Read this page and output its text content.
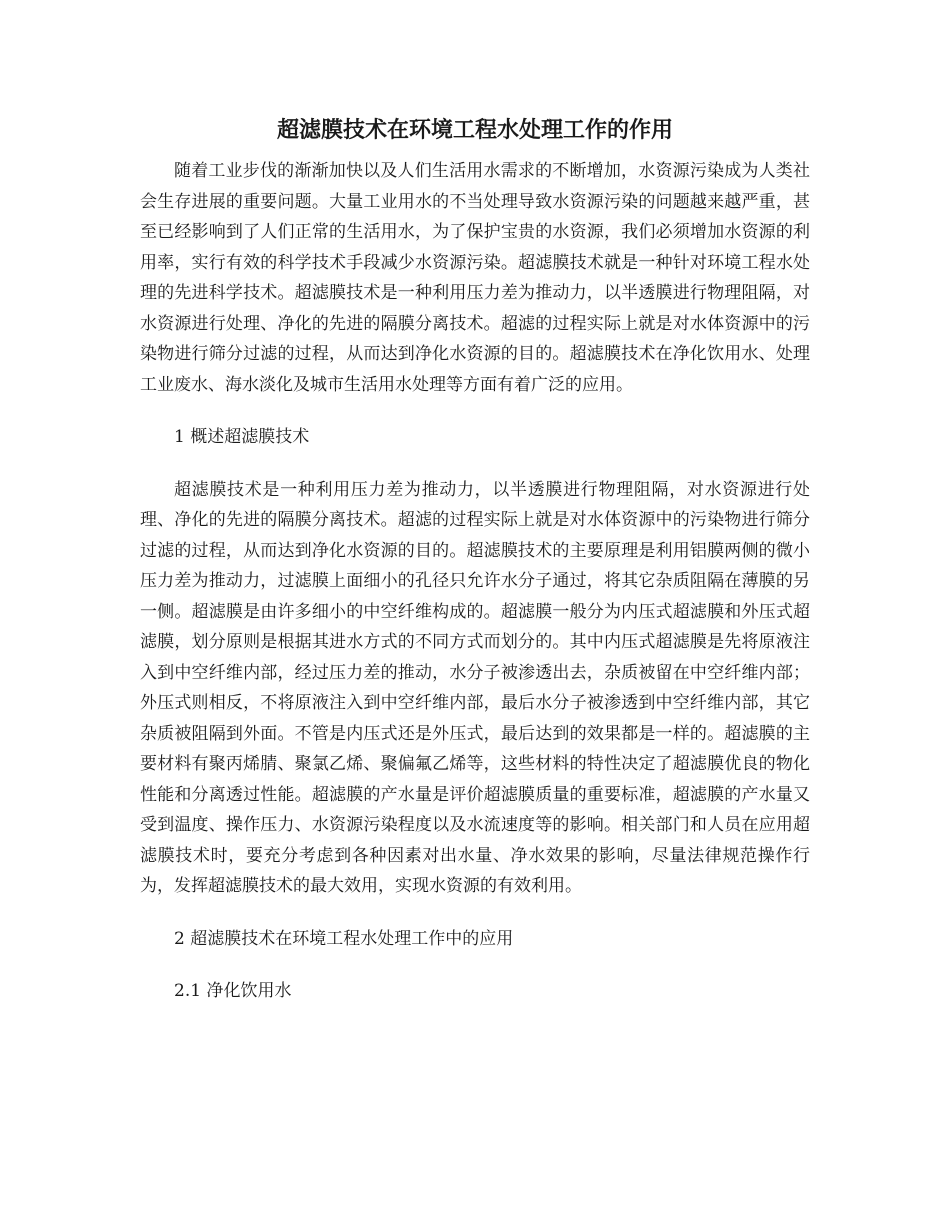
超滤膜技术在环境工程水处理工作的作用

随着工业步伐的渐渐加快以及人们生活用水需求的不断增加，水资源污染成为人类社会生存进展的重要问题。大量工业用水的不当处理导致水资源污染的问题越来越严重，甚至已经影响到了人们正常的生活用水，为了保护宝贵的水资源，我们必须增加水资源的利用率，实行有效的科学技术手段减少水资源污染。超滤膜技术就是一种针对环境工程水处理的先进科学技术。超滤膜技术是一种利用压力差为推动力，以半透膜进行物理阻隔，对水资源进行处理、净化的先进的隔膜分离技术。超滤的过程实际上就是对水体资源中的污染物进行筛分过滤的过程，从而达到净化水资源的目的。超滤膜技术在净化饮用水、处理工业废水、海水淡化及城市生活用水处理等方面有着广泛的应用。

1 概述超滤膜技术

超滤膜技术是一种利用压力差为推动力，以半透膜进行物理阻隔，对水资源进行处理、净化的先进的隔膜分离技术。超滤的过程实际上就是对水体资源中的污染物进行筛分过滤的过程，从而达到净化水资源的目的。超滤膜技术的主要原理是利用铝膜两侧的微小压力差为推动力，过滤膜上面细小的孔径只允许水分子通过，将其它杂质阻隔在薄膜的另一侧。超滤膜是由许多细小的中空纤维构成的。超滤膜一般分为内压式超滤膜和外压式超滤膜，划分原则是根据其进水方式的不同方式而划分的。其中内压式超滤膜是先将原液注入到中空纤维内部，经过压力差的推动，水分子被渗透出去，杂质被留在中空纤维内部；外压式则相反，不将原液注入到中空纤维内部，最后水分子被渗透到中空纤维内部，其它杂质被阻隔到外面。不管是内压式还是外压式，最后达到的效果都是一样的。超滤膜的主要材料有聚丙烯腈、聚氯乙烯、聚偏氟乙烯等，这些材料的特性决定了超滤膜优良的物化性能和分离透过性能。超滤膜的产水量是评价超滤膜质量的重要标准，超滤膜的产水量又受到温度、操作压力、水资源污染程度以及水流速度等的影响。相关部门和人员在应用超滤膜技术时，要充分考虑到各种因素对出水量、净水效果的影响，尽量法律规范操作行为，发挥超滤膜技术的最大效用，实现水资源的有效利用。

2 超滤膜技术在环境工程水处理工作中的应用

2.1 净化饮用水
